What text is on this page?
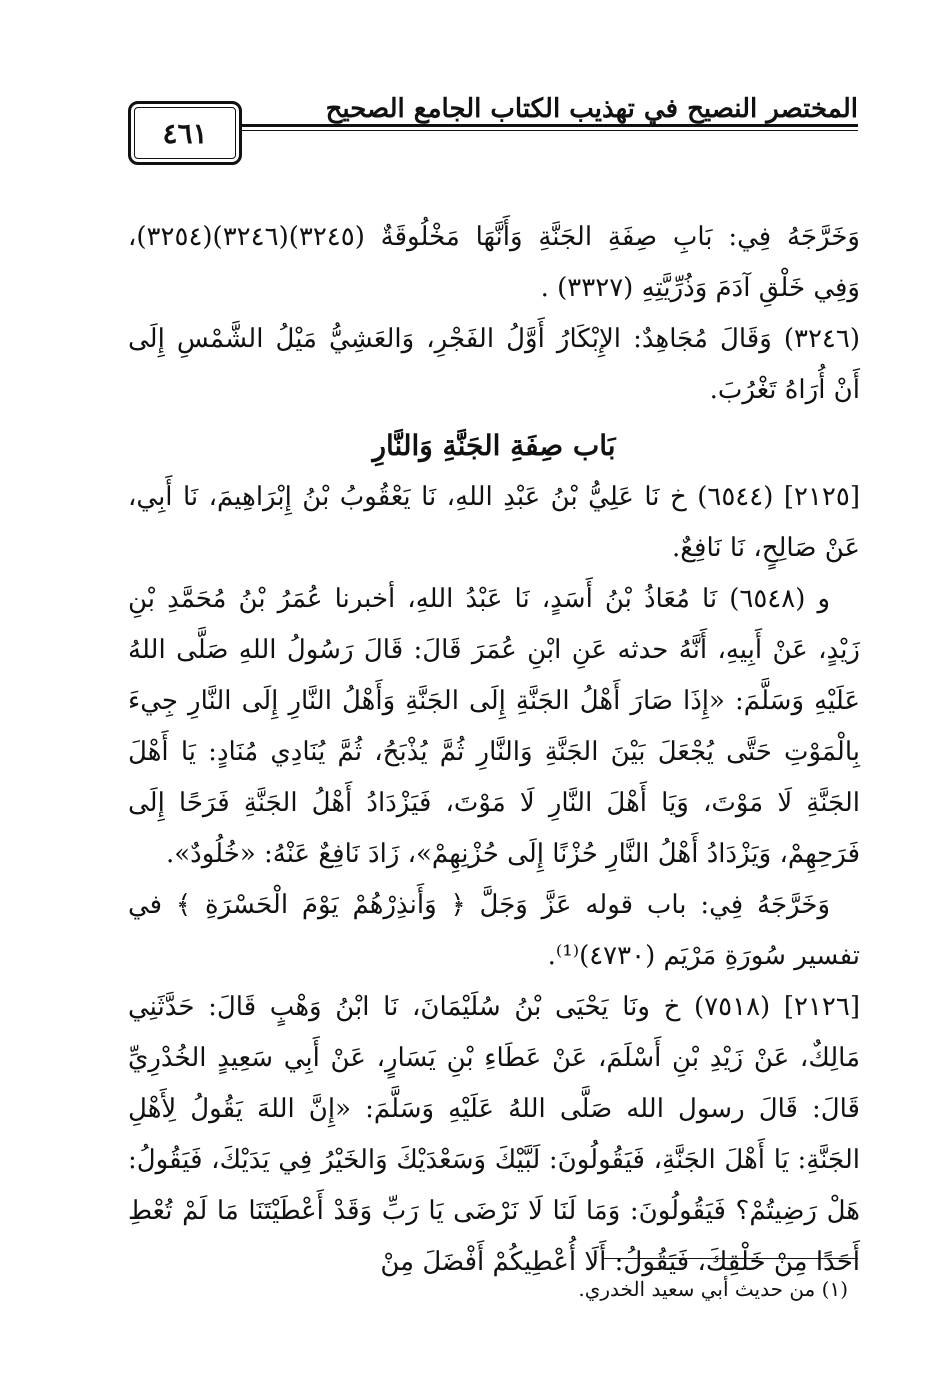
المختصر النصيح في تهذيب الكتاب الجامع الصحيح
٤٦١

وَخَرَّجَهُ فِي: بَابِ صِفَةِ الجَنَّةِ وَأَنَّهَا مَخْلُوقَةٌ (٣٢٤٥)(٣٢٤٦)(٣٢٥٤)، وَفِي خَلْقِ آدَمَ وَذُرِّيَّتِهِ (٣٣٢٧) .

(٣٢٤٦) وَقَالَ مُجَاهِدٌ: الإِبْكَارُ أَوَّلُ الفَجْرِ، وَالعَشِيُّ مَيْلُ الشَّمْسِ إِلَى أَنْ أُرَاهُ تَغْرُبَ.

بَاب صِفَةِ الجَنَّةِ وَالنَّارِ

[٢١٢٥] (٦٥٤٤) خ نَا عَلِيُّ بْنُ عَبْدِ اللهِ، نَا يَعْقُوبُ بْنُ إِبْرَاهِيمَ، نَا أَبِي، عَنْ صَالِحٍ، نَا نَافِعٌ.

و (٦٥٤٨) نَا مُعَاذُ بْنُ أَسَدٍ، نَا عَبْدُ اللهِ، أخبرنا عُمَرُ بْنُ مُحَمَّدِ بْنِ زَيْدٍ، عَنْ أَبِيهِ، أَنَّهُ حدثه عَنِ ابْنِ عُمَرَ قَالَ: قَالَ رَسُولُ اللهِ صَلَّى اللهُ عَلَيْهِ وَسَلَّمَ: «إِذَا صَارَ أَهْلُ الجَنَّةِ إِلَى الجَنَّةِ وَأَهْلُ النَّارِ إِلَى النَّارِ جِيءَ بِالْمَوْتِ حَتَّى يُجْعَلَ بَيْنَ الجَنَّةِ وَالنَّارِ ثُمَّ يُذْبَحُ، ثُمَّ يُنَادِي مُنَادٍ: يَا أَهْلَ الجَنَّةِ لَا مَوْتَ، وَيَا أَهْلَ النَّارِ لَا مَوْتَ، فَيَزْدَادُ أَهْلُ الجَنَّةِ فَرَحًا إِلَى فَرَحِهِمْ، وَيَزْدَادُ أَهْلُ النَّارِ حُزْنًا إِلَى حُزْنِهِمْ»، زَادَ نَافِعٌ عَنْهُ: «خُلُودٌ».

وَخَرَّجَهُ فِي: باب قوله عَزَّ وَجَلَّ ﴿ وَأَنذِرْهُمْ يَوْمَ الْحَسْرَةِ ﴾ في تفسير سُورَةِ مَرْيَم (٤٧٣٠)⁽¹⁾.

[٢١٢٦] (٧٥١٨) خ ونَا يَحْيَى بْنُ سُلَيْمَانَ، نَا ابْنُ وَهْبٍ قَالَ: حَدَّثَنِي مَالِكٌ، عَنْ زَيْدِ بْنِ أَسْلَمَ، عَنْ عَطَاءِ بْنِ يَسَارٍ، عَنْ أَبِي سَعِيدٍ الخُدْرِيِّ قَالَ: قَالَ رسول الله صَلَّى اللهُ عَلَيْهِ وَسَلَّمَ: «إِنَّ اللهَ يَقُولُ لِأَهْلِ الجَنَّةِ: يَا أَهْلَ الجَنَّةِ، فَيَقُولُونَ: لَبَّيْكَ وَسَعْدَيْكَ وَالخَيْرُ فِي يَدَيْكَ، فَيَقُولُ: هَلْ رَضِيتُمْ؟ فَيَقُولُونَ: وَمَا لَنَا لَا نَرْضَى يَا رَبِّ وَقَدْ أَعْطَيْتَنَا مَا لَمْ تُعْطِ أَحَدًا مِنْ خَلْقِكَ، فَيَقُولُ: أَلَا أُعْطِيكُمْ أَفْضَلَ مِنْ

(١) من حديث أبي سعيد الخدري.
